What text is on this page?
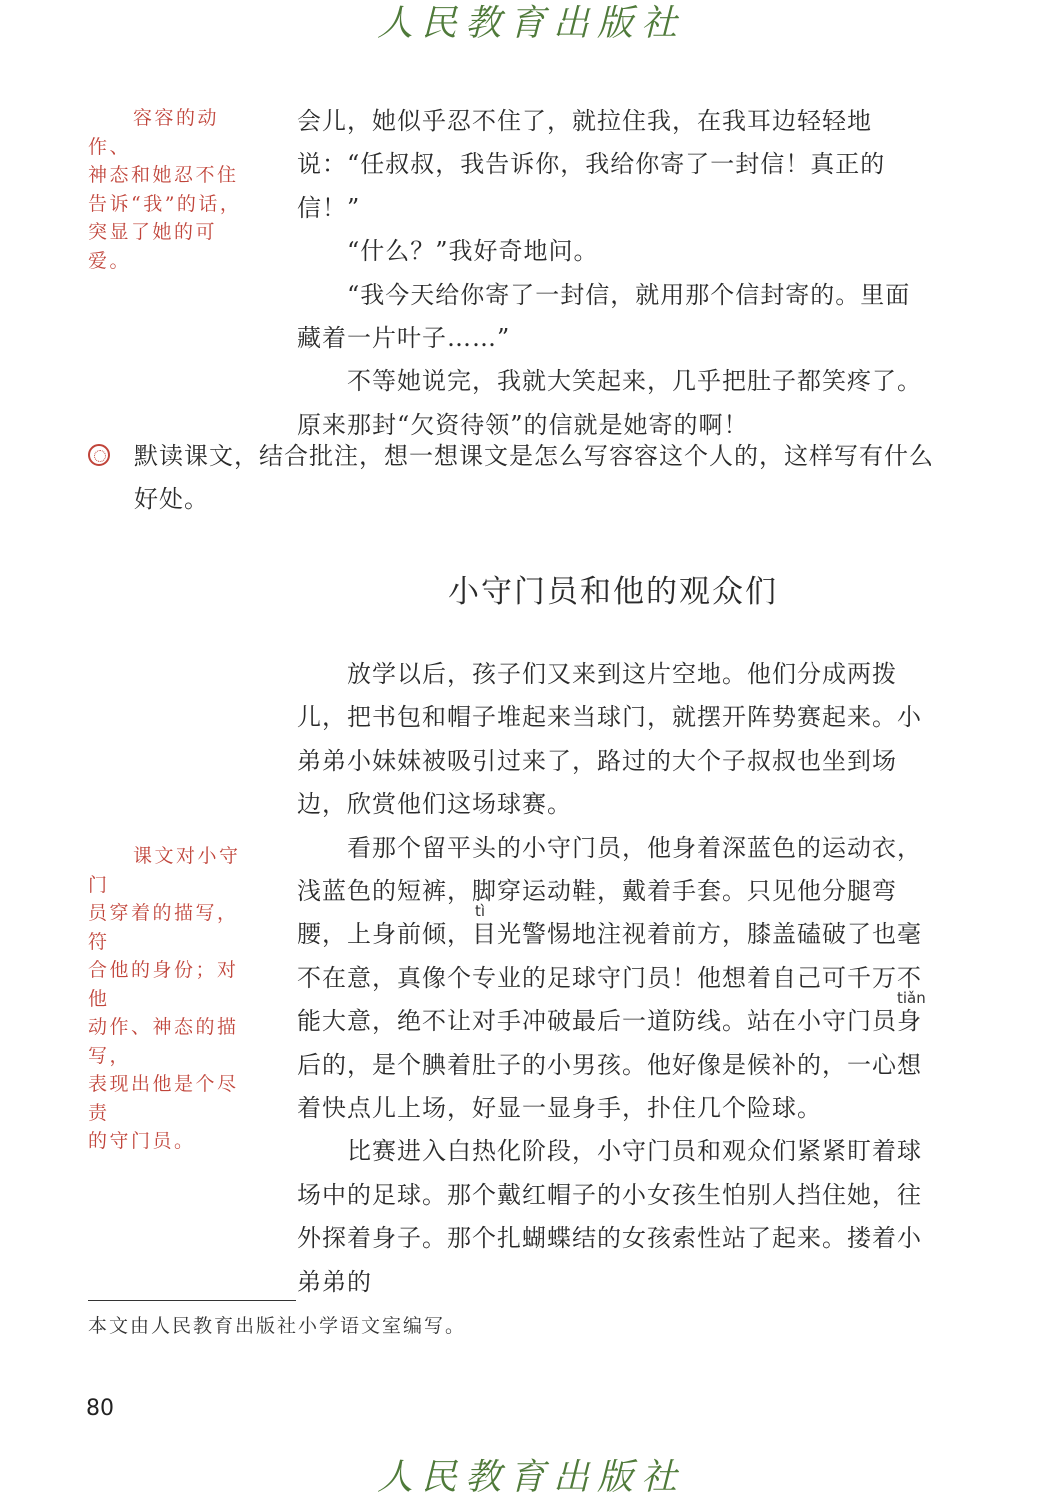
人民教育出版社

容容的动作、

神态和她忍不住

告诉“我”的话，

突显了她的可爱。

会儿，她似乎忍不住了，就拉住我，在我耳边轻轻地说：“任叔叔，我告诉你，我给你寄了一封信！真正的信！”

“什么？”我好奇地问。

“我今天给你寄了一封信，就用那个信封寄的。里面藏着一片叶子……”

不等她说完，我就大笑起来，几乎把肚子都笑疼了。原来那封“欠资待领”的信就是她寄的啊！

默读课文，结合批注，想一想课文是怎么写容容这个人的，这样写有什么好处。
小守门员和他的观众们

课文对小守门

员穿着的描写，符

合他的身份；对他

动作、神态的描写，

表现出他是个尽责

的守门员。

放学以后，孩子们又来到这片空地。他们分成两拨儿，把书包和帽子堆起来当球门，就摆开阵势赛起来。小弟弟小妹妹被吸引过来了，路过的大个子叔叔也坐到场边，欣赏他们这场球赛。

看那个留平头的小守门员，他身着深蓝色的运动衣，浅蓝色的短裤，脚穿运动鞋，戴着手套。只见他分腿弯腰，上身前倾，目光警惕地注视着前方，膝盖磕破了也毫不在意，真像个专业的足球守门员！他想着自己可千万不能大意，绝不让对手冲破最后一道防线。站在小守门员身后的，是个腆着肚子的小男孩。他好像是候补的，一心想着快点儿上场，好显一显身手，扑住几个险球。

比赛进入白热化阶段，小守门员和观众们紧紧盯着球场中的足球。那个戴红帽子的小女孩生怕别人挡住她，往外探着身子。那个扎蝴蝶结的女孩索性站了起来。搂着小弟弟的

tì
tiǎn
本文由人民教育出版社小学语文室编写。
80
人民教育出版社
